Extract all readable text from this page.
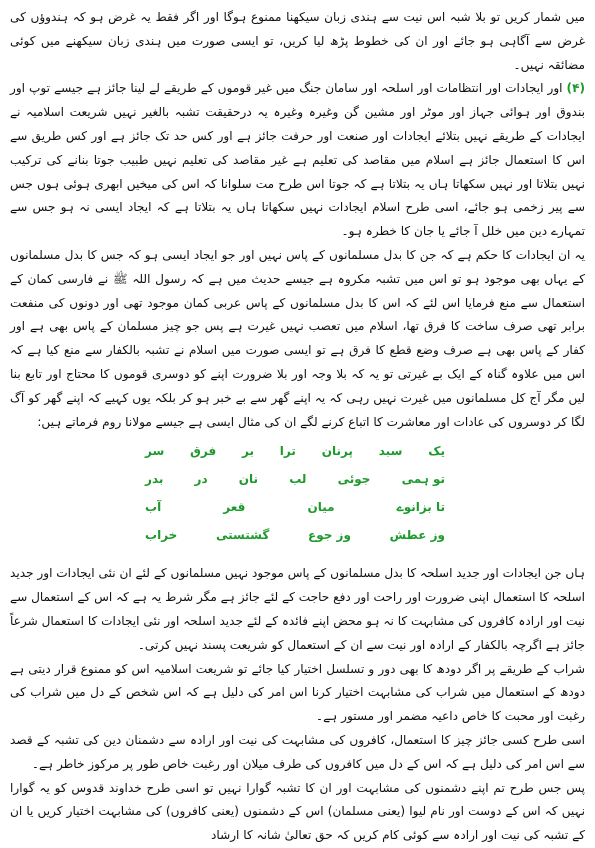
میں شمار کریں تو بلا شبہ اس نیت سے ہندی زبان سیکھنا ممنوع ہوگا اور اگر فقط یہ غرض ہو کہ ہندوؤں کی غرض سے آگاہی ہو جائے اور ان کی خطوط پڑھ لیا کریں، تو ایسی صورت میں ہندی زبان سیکھنے میں کوئی مضائقہ نہیں۔

(۴) اور ایجادات اور انتظامات اور اسلحہ اور سامان جنگ میں غیر قوموں کے طریقے لے لینا جائز ہے جیسے توپ اور بندوق اور ہوائی جہاز اور موٹر اور مشین گن وغیرہ وغیرہ یہ درحقیقت تشبہ بالغیر نہیں شریعت اسلامیہ نے ایجادات کے طریقے نہیں بتلائے ایجادات اور صنعت اور حرفت جائز ہے اور کس حد تک جائز ہے اور کس طریق سے اس کا استعمال جائز ہے اسلام میں مقاصد کی تعلیم ہے غیر مقاصد کی تعلیم نہیں طبیب جوتا بنانے کی ترکیب نہیں بتلاتا اور نہیں سکھاتا ہاں یہ بتلاتا ہے کہ جوتا اس طرح مت سلوانا کہ اس کی میخیں ابھری ہوئی ہوں جس سے پیر زخمی ہو جائے، اسی طرح اسلام ایجادات نہیں سکھاتا ہاں یہ بتلاتا ہے کہ ایجاد ایسی نہ ہو جس سے تمہارے دین میں خلل آ جائے یا جان کا خطرہ ہو۔

یہ ان ایجادات کا حکم ہے کہ جن کا بدل مسلمانوں کے پاس نہیں اور جو ایجاد ایسی ہو کہ جس کا بدل مسلمانوں کے یہاں بھی موجود ہو تو اس میں تشبہ مکروہ ہے جیسے حدیث میں ہے کہ رسول اللہ ﷺ نے فارسی کمان کے استعمال سے منع فرمایا اس لئے کہ اس کا بدل مسلمانوں کے پاس عربی کمان موجود تھی اور دونوں کی منفعت برابر تھی صرف ساخت کا فرق تھا، اسلام میں تعصب نہیں غیرت ہے پس جو چیز مسلمان کے پاس بھی ہے اور کفار کے پاس بھی ہے صرف وضع قطع کا فرق ہے تو ایسی صورت میں اسلام نے تشبہ بالکفار سے منع کیا ہے کہ اس میں علاوہ گناہ کے ایک بے غیرتی تو یہ کہ بلا وجہ اور بلا ضرورت اپنے کو دوسری قوموں کا محتاج اور تابع بنا لیں مگر آج کل مسلمانوں میں غیرت نہیں رہی کہ یہ اپنے گھر سے بے خبر ہو کر بلکہ یوں کہیے کہ اپنے گھر کو آگ لگا کر دوسروں کی عادات اور معاشرت کا اتباع کرنے لگے ان کی مثال ایسی ہے جیسے مولانا روم فرماتے ہیں:

یک
سبد
پرنان
ترا
بر
فرق
سر
تو ہمی
جوئی
لب
نان
در
بدر
تا بزانوے
میان
قعر
آب
وز عطش
وز جوع
گشتستی
خراب

ہاں جن ایجادات اور جدید اسلحہ کا بدل مسلمانوں کے پاس موجود نہیں مسلمانوں کے لئے ان نئی ایجادات اور جدید اسلحہ کا استعمال اپنی ضرورت اور راحت اور دفع حاجت کے لئے جائز ہے مگر شرط یہ ہے کہ اس کے استعمال سے نیت اور ارادہ کافروں کی مشابہت کا نہ ہو محض اپنے فائدہ کے لئے جدید اسلحہ اور نئی ایجادات کا استعمال شرعاً جائز ہے اگرچہ بالکفار کے ارادہ اور نیت سے ان کے استعمال کو شریعت پسند نہیں کرتی۔

شراب کے طریقے پر اگر دودھ کا بھی دور و تسلسل اختیار کیا جائے تو شریعت اسلامیہ اس کو ممنوع قرار دیتی ہے دودھ کے استعمال میں شراب کی مشابہت اختیار کرنا اس امر کی دلیل ہے کہ اس شخص کے دل میں شراب کی رغبت اور محبت کا خاص داعیہ مضمر اور مستور ہے۔

اسی طرح کسی جائز چیز کا استعمال، کافروں کی مشابہت کی نیت اور ارادہ سے دشمنان دین کی تشبہ کے قصد سے اس امر کی دلیل ہے کہ اس کے دل میں کافروں کی طرف میلان اور رغبت خاص طور پر مرکوز خاطر ہے۔

پس جس طرح تم اپنے دشمنوں کی مشابہت اور ان کا تشبہ گوارا نہیں تو اسی طرح خداوند قدوس کو یہ گوارا نہیں کہ اس کے دوست اور نام لیوا (یعنی مسلمان) اس کے دشمنوں (یعنی کافروں) کی مشابہت اختیار کریں یا ان کے تشبہ کی نیت اور ارادہ سے کوئی کام کریں کہ حق تعالیٰ شانہ کا ارشاد
